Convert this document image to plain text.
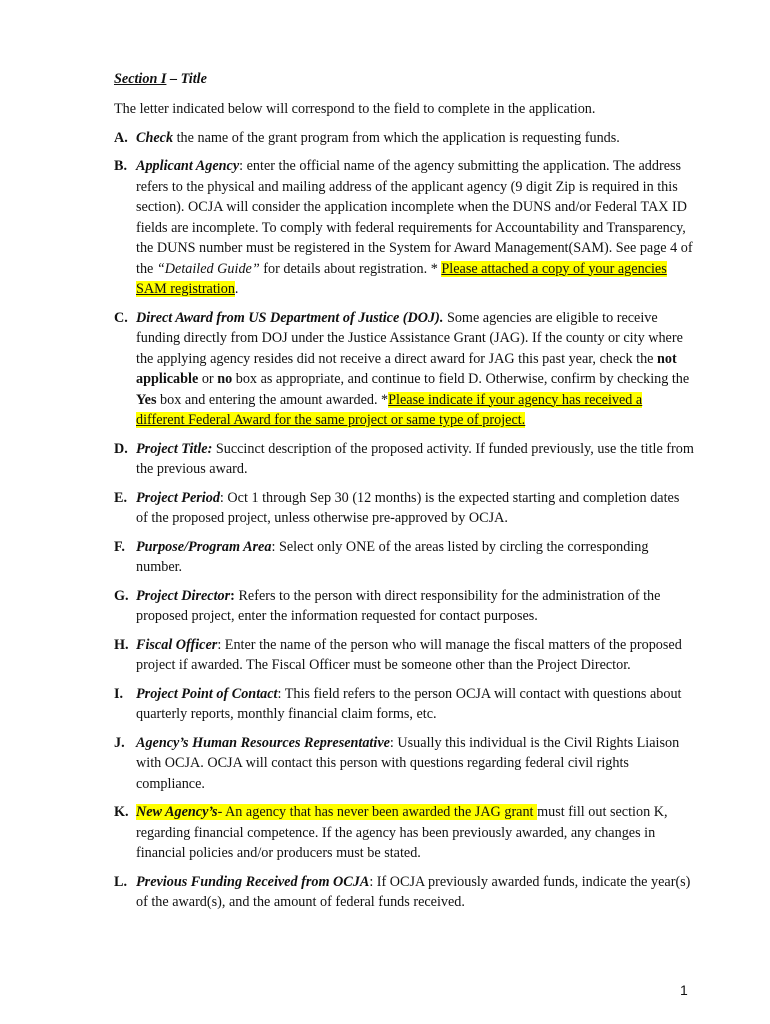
Section I – Title
The letter indicated below will correspond to the field to complete in the application.
A. Check the name of the grant program from which the application is requesting funds.
B. Applicant Agency: enter the official name of the agency submitting the application. The address refers to the physical and mailing address of the applicant agency (9 digit Zip is required in this section). OCJA will consider the application incomplete when the DUNS and/or Federal TAX ID fields are incomplete. To comply with federal requirements for Accountability and Transparency, the DUNS number must be registered in the System for Award Management(SAM). See page 4 of the “Detailed Guide” for details about registration. * Please attached a copy of your agencies SAM registration.
C. Direct Award from US Department of Justice (DOJ). Some agencies are eligible to receive funding directly from DOJ under the Justice Assistance Grant (JAG). If the county or city where the applying agency resides did not receive a direct award for JAG this past year, check the not applicable or no box as appropriate, and continue to field D. Otherwise, confirm by checking the Yes box and entering the amount awarded. *Please indicate if your agency has received a different Federal Award for the same project or same type of project.
D. Project Title: Succinct description of the proposed activity. If funded previously, use the title from the previous award.
E. Project Period: Oct 1 through Sep 30 (12 months) is the expected starting and completion dates of the proposed project, unless otherwise pre-approved by OCJA.
F. Purpose/Program Area: Select only ONE of the areas listed by circling the corresponding number.
G. Project Director: Refers to the person with direct responsibility for the administration of the proposed project, enter the information requested for contact purposes.
H. Fiscal Officer: Enter the name of the person who will manage the fiscal matters of the proposed project if awarded. The Fiscal Officer must be someone other than the Project Director.
I. Project Point of Contact: This field refers to the person OCJA will contact with questions about quarterly reports, monthly financial claim forms, etc.
J. Agency’s Human Resources Representative: Usually this individual is the Civil Rights Liaison with OCJA. OCJA will contact this person with questions regarding federal civil rights compliance.
K. New Agency’s- An agency that has never been awarded the JAG grant must fill out section K, regarding financial competence. If the agency has been previously awarded, any changes in financial policies and/or producers must be stated.
L. Previous Funding Received from OCJA: If OCJA previously awarded funds, indicate the year(s) of the award(s), and the amount of federal funds received.
1
